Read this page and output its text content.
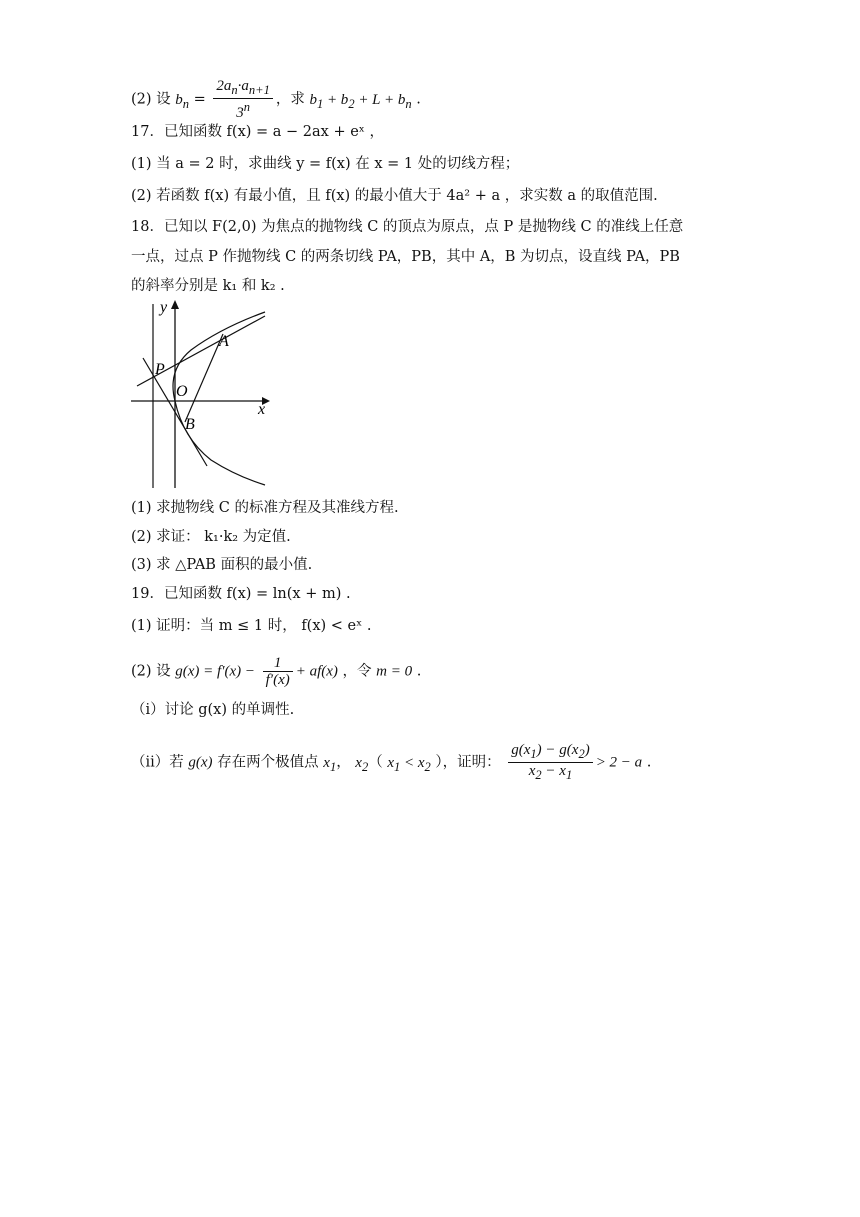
(2) 设 $b_n = \frac{2a_n\cdot a_{n+1}}{3^n}$ ，求 $b_1 + b_2 + L + b_n$ .
17．已知函数 f(x) = a − 2ax + eˣ ，
(1) 当 a = 2 时，求曲线 y = f(x) 在 x = 1 处的切线方程；
(2) 若函数 f(x) 有最小值，且 f(x) 的最小值大于 4a² + a ，求实数 a 的取值范围.
18．已知以 F(2,0) 为焦点的抛物线 C 的顶点为原点，点 P 是抛物线 C 的准线上任意
一点，过点 P 作抛物线 C 的两条切线 PA，PB，其中 A，B 为切点，设直线 PA，PB
的斜率分别是 k₁ 和 k₂ .
(1) 求抛物线 C 的标准方程及其准线方程.
(2) 求证： k₁·k₂ 为定值.
(3) 求 △PAB 面积的最小值.
19．已知函数 f(x) = ln(x + m) .
(1) 证明：当 m ≤ 1 时， f(x) < eˣ .
(2) 设 $g(x) = f'(x) - \frac{1}{f'(x)} + af(x)$ ，令 m = 0 .
（ⅰ）讨论 g(x) 的单调性.
（ⅱ）若 g(x) 存在两个极值点 $x_1$， $x_2$（ $x_1 < x_2$ ），证明： $\frac{g(x_1) - g(x_2)}{x_2 - x_1} > 2 - a$ .
y
x
P
O
A
B
